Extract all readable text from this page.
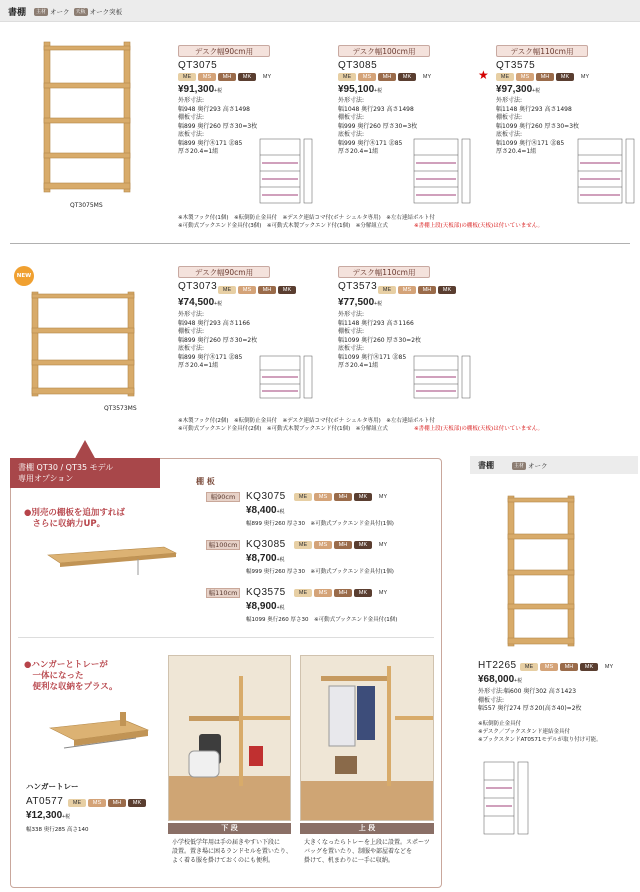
書棚	主材 オーク 天板 オーク突板
QT3075MS
デスク幅90cm用
QT3075
ME	MS	MH	MK	MY
¥91,300+税
外形寸法:
幅948 奥行293 高さ1498
棚板寸法:
幅899 奥行260 厚さ30=3枚
底板寸法:
幅899 奥行㊍171 ㊎85
厚さ20.4=1組
デスク幅100cm用
QT3085
ME	MS	MH	MK	MY
¥95,100+税
外形寸法:
幅1048 奥行293 高さ1498
棚板寸法:
幅999 奥行260 厚さ30=3枚
底板寸法:
幅999 奥行㊍171 ㊎85
厚さ20.4=1組
デスク幅110cm用
★
QT3575
ME	MS	MH	MK	MY
¥97,300+税
外形寸法:
幅1148 奥行293 高さ1498
棚板寸法:
幅1099 奥行260 厚さ30=3枚
底板寸法:
幅1099 奥行㊍171 ㊎85
厚さ20.4=1組
※木製フック付(1個)　※転倒防止金具付　※デスク連結コマ付(ボナ シェルタ専用)　※左右連結ボルト付
※可動式ブックエンド金具付(3個)　※可動式木製ブックエンド付(1個)　※分解組立式	※書棚上段(天板部)の棚板(天板)は付いていません。
NEW
QT3573MS
デスク幅90cm用
QT3073	ME	MS	MH	MK
¥74,500+税
外形寸法:
幅948 奥行293 高さ1166
棚板寸法:
幅899 奥行260 厚さ30=2枚
底板寸法:
幅899 奥行㊍171 ㊎85
厚さ20.4=1組
デスク幅110cm用
QT3573	ME	MS	MH	MK
¥77,500+税
外形寸法:
幅1148 奥行293 高さ1166
棚板寸法:
幅1099 奥行260 厚さ30=2枚
底板寸法:
幅1099 奥行㊍171 ㊎85
厚さ20.4=1組
※木製フック付(2個)　※転倒防止金具付　※デスク連結コマ付(ボナ シェルタ専用)　※左右連結ボルト付
※可動式ブックエンド金具付(2個)　※可動式木製ブックエンド付(1個)　※分解組立式	※書棚上段(天板部)の棚板(天板)は付いていません。
書棚 QT30 / QT35 モデル
専用オプション
●別売の棚板を追加すれば
　さらに収納力UP。
棚 板
幅90cm	KQ3075	ME	MS	MH	MK	MY
¥8,400+税
幅899 奥行260 厚さ30　※可動式ブックエンド金具付(1個)
幅100cm KQ3085	ME	MS	MH	MK	MY
¥8,700+税
幅999 奥行260 厚さ30　※可動式ブックエンド金具付(1個)
幅110cm KQ3575	ME	MS	MH	MK	MY
¥8,900+税
幅1099 奥行260 厚さ30　※可動式ブックエンド金具付(1個)
●ハンガーとトレーが
　一体になった
　便利な収納をプラス。
ハンガートレー
AT0577	ME	MS	MH	MK
¥12,300+税
幅338 奥行285 高さ140	下 段
小学校低学年用は手の届きやすい下段に
設置。置き場に困るランドセルを置いたり、
よく着る服を掛けておくのにも便利。
上 段
大きくなったらトレーを上段に設置。スポーツ
バッグを置いたり、制服や部屋着などを
掛けて、机まわりに一手に収納。
書棚	主材 オーク
HT2265	ME	MS	MH	MK	MY
¥68,000+税
外形寸法:幅600 奥行302 高さ1423
棚板寸法:
幅557 奥行274 厚さ20(高さ40)=2枚
※転倒防止金具付
※デスク／ブックスタンド連結金具付
※ブックスタンドAT0571モデルが取り付け可能。
